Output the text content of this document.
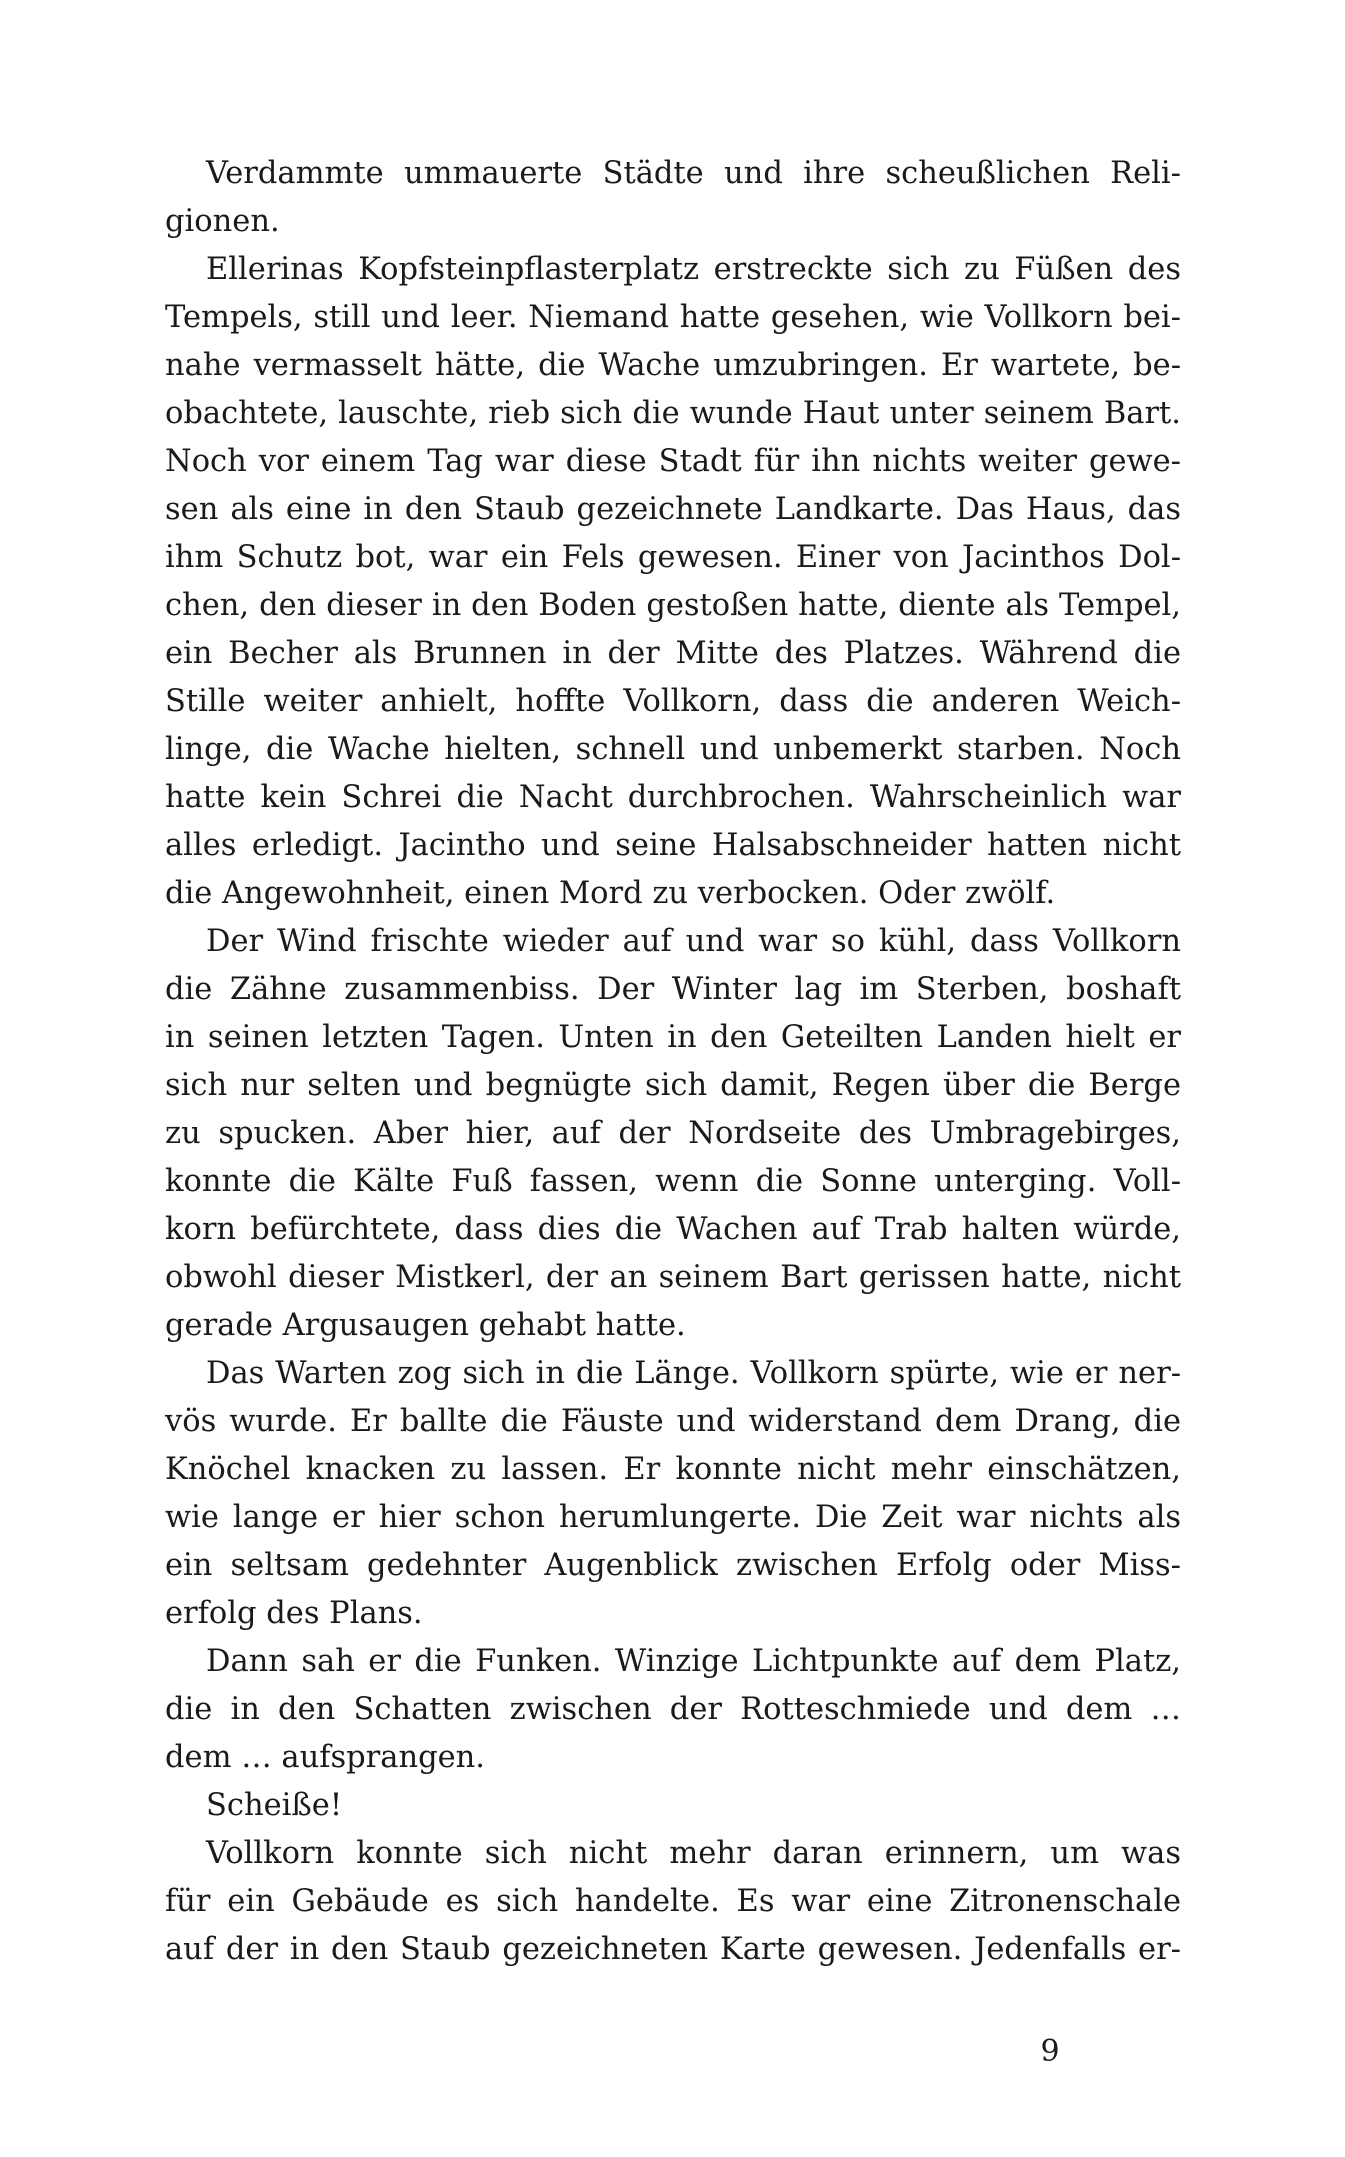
Verdammte ummauerte Städte und ihre scheußlichen Reli-
gionen.
Ellerinas Kopfsteinpflasterplatz erstreckte sich zu Füßen des
Tempels, still und leer. Niemand hatte gesehen, wie Vollkorn bei-
nahe vermasselt hätte, die Wache umzubringen. Er wartete, be-
obachtete, lauschte, rieb sich die wunde Haut unter seinem Bart.
Noch vor einem Tag war diese Stadt für ihn nichts weiter gewe-
sen als eine in den Staub gezeichnete Landkarte. Das Haus, das
ihm Schutz bot, war ein Fels gewesen. Einer von Jacinthos Dol-
chen, den dieser in den Boden gestoßen hatte, diente als Tempel,
ein Becher als Brunnen in der Mitte des Platzes. Während die
Stille weiter anhielt, hoffte Vollkorn, dass die anderen Weich-
linge, die Wache hielten, schnell und unbemerkt starben. Noch
hatte kein Schrei die Nacht durchbrochen. Wahrscheinlich war
alles erledigt. Jacintho und seine Halsabschneider hatten nicht
die Angewohnheit, einen Mord zu verbocken. Oder zwölf.
Der Wind frischte wieder auf und war so kühl, dass Vollkorn
die Zähne zusammenbiss. Der Winter lag im Sterben, boshaft
in seinen letzten Tagen. Unten in den Geteilten Landen hielt er
sich nur selten und begnügte sich damit, Regen über die Berge
zu spucken. Aber hier, auf der Nordseite des Umbragebirges,
konnte die Kälte Fuß fassen, wenn die Sonne unterging. Voll-
korn befürchtete, dass dies die Wachen auf Trab halten würde,
obwohl dieser Mistkerl, der an seinem Bart gerissen hatte, nicht
gerade Argusaugen gehabt hatte.
Das Warten zog sich in die Länge. Vollkorn spürte, wie er ner-
vös wurde. Er ballte die Fäuste und widerstand dem Drang, die
Knöchel knacken zu lassen. Er konnte nicht mehr einschätzen,
wie lange er hier schon herumlungerte. Die Zeit war nichts als
ein seltsam gedehnter Augenblick zwischen Erfolg oder Miss-
erfolg des Plans.
Dann sah er die Funken. Winzige Lichtpunkte auf dem Platz,
die in den Schatten zwischen der Rotteschmiede und dem …
dem … aufsprangen.
Scheiße!
Vollkorn konnte sich nicht mehr daran erinnern, um was
für ein Gebäude es sich handelte. Es war eine Zitronenschale
auf der in den Staub gezeichneten Karte gewesen. Jedenfalls er-
9
